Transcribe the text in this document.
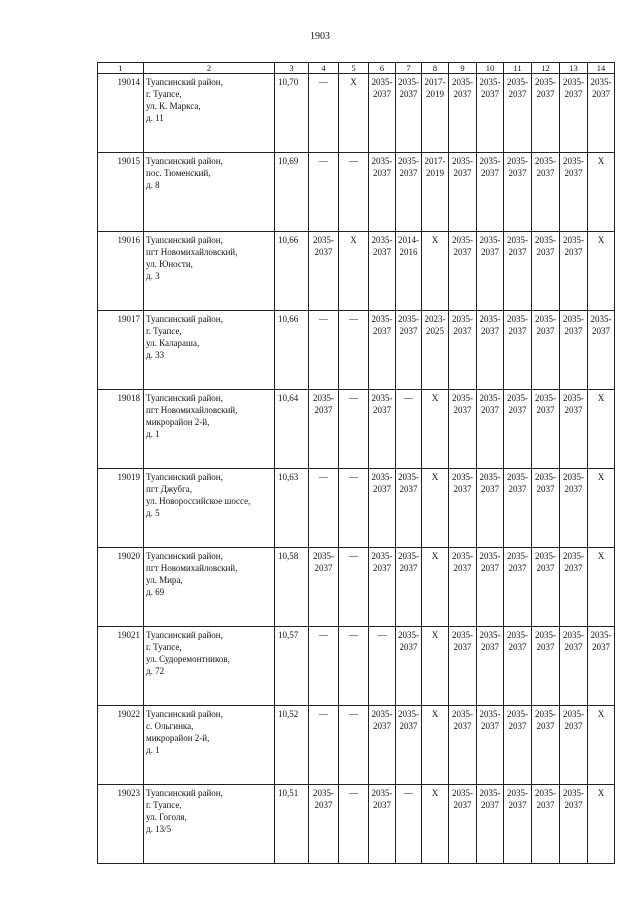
1903
1	2	3	4	5	6	7	8	9	10	11	12	13	14
19014	Туапсинский район,
г. Туапсе,
ул. К. Маркса,
д. 11	10,70	—	X	2035-2037	2035-2037	2017-2019	2035-2037	2035-2037	2035-2037	2035-2037	2035-2037	2035-2037
19015	Туапсинский район,
пос. Тюменский,
д. 8	10,69	—	—	2035-2037	2035-2037	2017-2019	2035-2037	2035-2037	2035-2037	2035-2037	2035-2037	X
19016	Туапсинский район,
пгт Новомихайловский,
ул. Юности,
д. 3	10,66	2035-2037	X	2035-2037	2014-2016	X	2035-2037	2035-2037	2035-2037	2035-2037	2035-2037	X
19017	Туапсинский район,
г. Туапсе,
ул. Калараша,
д. 33	10,66	—	—	2035-2037	2035-2037	2023-2025	2035-2037	2035-2037	2035-2037	2035-2037	2035-2037	2035-2037
19018	Туапсинский район,
пгт Новомихайловский,
микрорайон 2-й,
д. 1	10,64	2035-2037	—	2035-2037	—	X	2035-2037	2035-2037	2035-2037	2035-2037	2035-2037	X
19019	Туапсинский район,
пгт Джубга,
ул. Новороссийское шоссе,
д. 5	10,63	—	—	2035-2037	2035-2037	X	2035-2037	2035-2037	2035-2037	2035-2037	2035-2037	X
19020	Туапсинский район,
пгт Новомихайловский,
ул. Мира,
д. 69	10,58	2035-2037	—	2035-2037	2035-2037	X	2035-2037	2035-2037	2035-2037	2035-2037	2035-2037	X
19021	Туапсинский район,
г. Туапсе,
ул. Судоремонтников,
д. 72	10,57	—	—	—	2035-2037	X	2035-2037	2035-2037	2035-2037	2035-2037	2035-2037	2035-2037
19022	Туапсинский район,
с. Ольгинка,
микрорайон 2-й,
д. 1	10,52	—	—	2035-2037	2035-2037	X	2035-2037	2035-2037	2035-2037	2035-2037	2035-2037	X
19023	Туапсинский район,
г. Туапсе,
ул. Гоголя,
д. 13/5	10,51	2035-2037	—	2035-2037	—	X	2035-2037	2035-2037	2035-2037	2035-2037	2035-2037	X
